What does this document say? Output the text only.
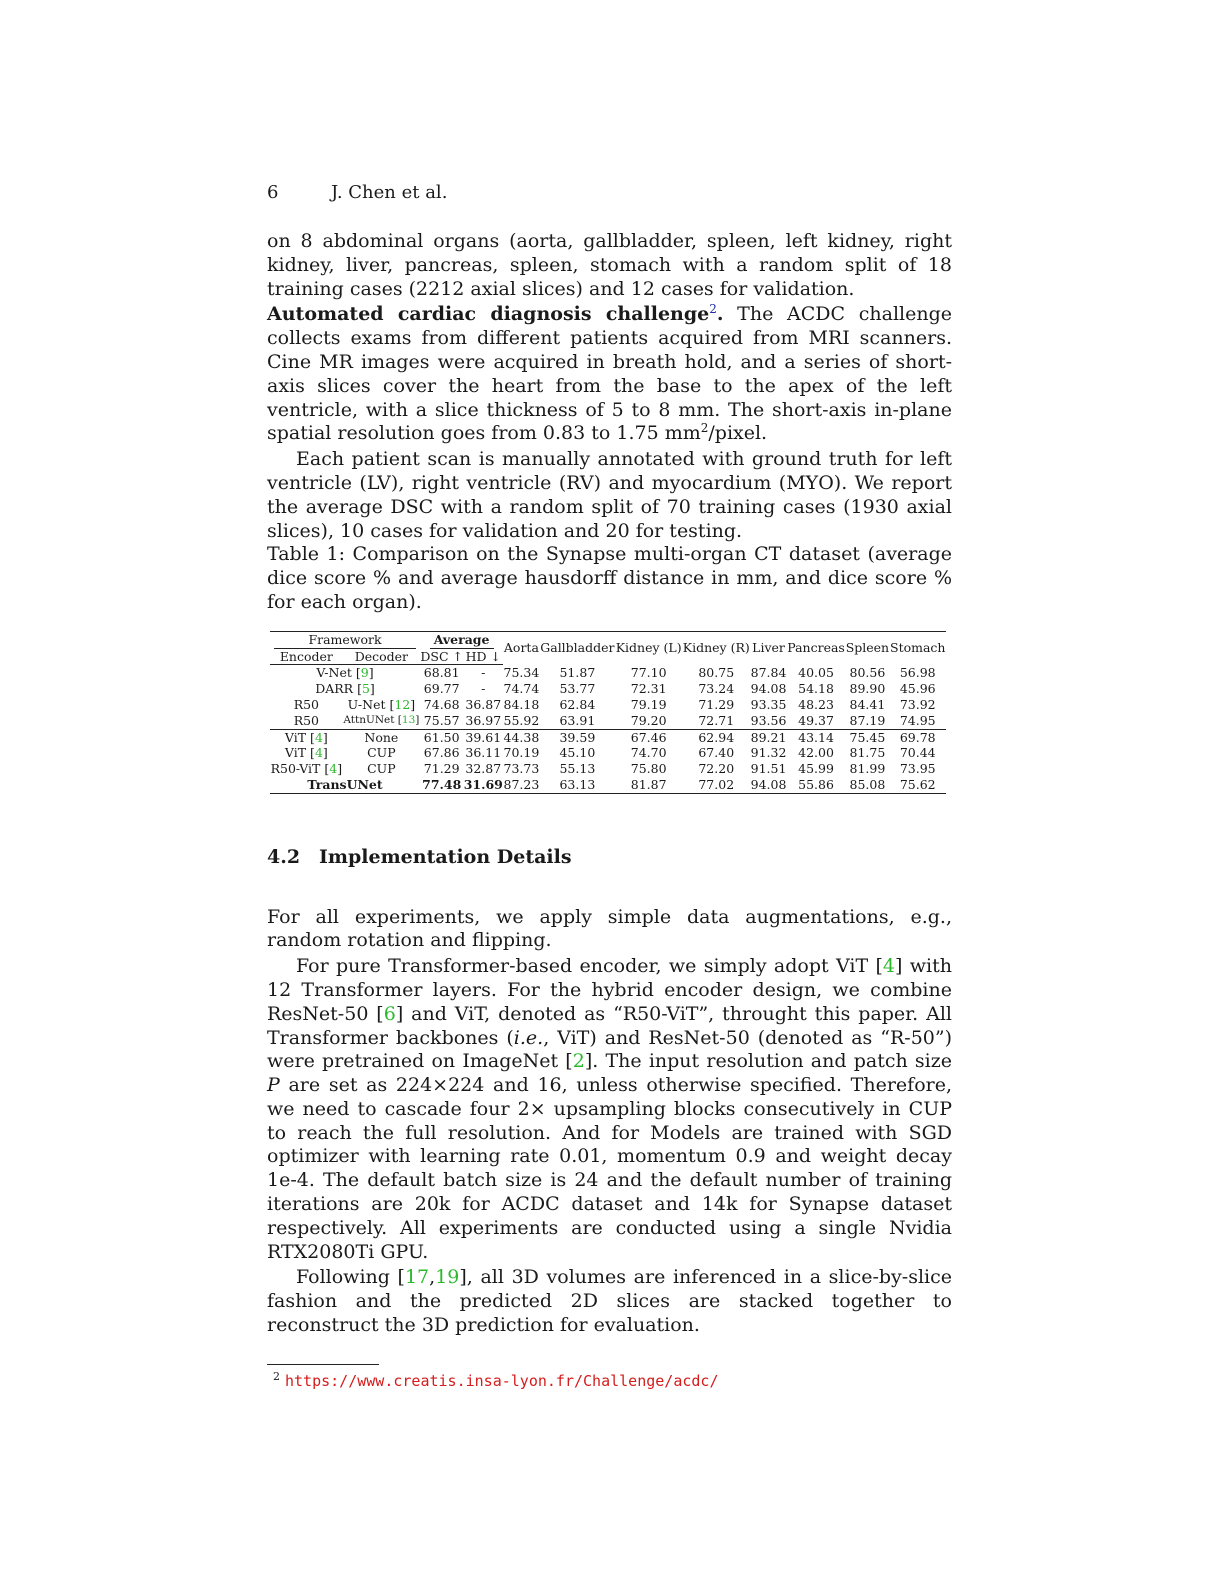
6	J. Chen et al.

on 8 abdominal organs (aorta, gallbladder, spleen, left kidney, right kidney, liver, pancreas, spleen, stomach with a random split of 18 training cases (2212 axial slices) and 12 cases for validation.

Automated cardiac diagnosis challenge$^2$. The ACDC challenge collects exams from different patients acquired from MRI scanners. Cine MR images were acquired in breath hold, and a series of short-axis slices cover the heart from the base to the apex of the left ventricle, with a slice thickness of 5 to 8 mm. The short-axis in-plane spatial resolution goes from 0.83 to 1.75 $mm^2$/pixel.

Each patient scan is manually annotated with ground truth for left ventricle (LV), right ventricle (RV) and myocardium (MYO). We report the average DSC with a random split of 70 training cases (1930 axial slices), 10 cases for validation and 20 for testing.

Table 1: Comparison on the Synapse multi-organ CT dataset (average dice score % and average hausdorff distance in mm, and dice score % for each organ).

Framework		Average		Aorta	Gallbladder	Kidney (L)	Kidney (R)	Liver	Pancreas	Spleen	Stomach
Encoder	Decoder	DSC ↑	HD ↓								
V-Net [9]		68.81	-	75.34	51.87	77.10	80.75	87.84	40.05	80.56	56.98
DARR [5]		69.77	-	74.74	53.77	72.31	73.24	94.08	54.18	89.90	45.96
R50	U-Net [12]	74.68	36.87	84.18	62.84	79.19	71.29	93.35	48.23	84.41	73.92
R50	AttnUNet [13]	75.57	36.97	55.92	63.91	79.20	72.71	93.56	49.37	87.19	74.95
ViT [4]	None	61.50	39.61	44.38	39.59	67.46	62.94	89.21	43.14	75.45	69.78
ViT [4]	CUP	67.86	36.11	70.19	45.10	74.70	67.40	91.32	42.00	81.75	70.44
R50-ViT [4]	CUP	71.29	32.87	73.73	55.13	75.80	72.20	91.51	45.99	81.99	73.95
TransUNet		77.48	31.69	87.23	63.13	81.87	77.02	94.08	55.86	85.08	75.62
4.2 Implementation Details

For all experiments, we apply simple data augmentations, e.g., random rotation and flipping.

For pure Transformer-based encoder, we simply adopt ViT [4] with 12 Transformer layers. For the hybrid encoder design, we combine ResNet-50 [6] and ViT, denoted as “R50-ViT”, throught this paper. All Transformer backbones (i.e., ViT) and ResNet-50 (denoted as “R-50”) were pretrained on ImageNet [2]. The input resolution and patch size P are set as 224×224 and 16, unless otherwise specified. Therefore, we need to cascade four 2× upsampling blocks consecutively in CUP to reach the full resolution. And for Models are trained with SGD optimizer with learning rate 0.01, momentum 0.9 and weight decay 1e-4. The default batch size is 24 and the default number of training iterations are 20k for ACDC dataset and 14k for Synapse dataset respectively. All experiments are conducted using a single Nvidia RTX2080Ti GPU.

Following [17,19], all 3D volumes are inferenced in a slice-by-slice fashion and the predicted 2D slices are stacked together to reconstruct the 3D prediction for evaluation.

$^2$ https://www.creatis.insa-lyon.fr/Challenge/acdc/
